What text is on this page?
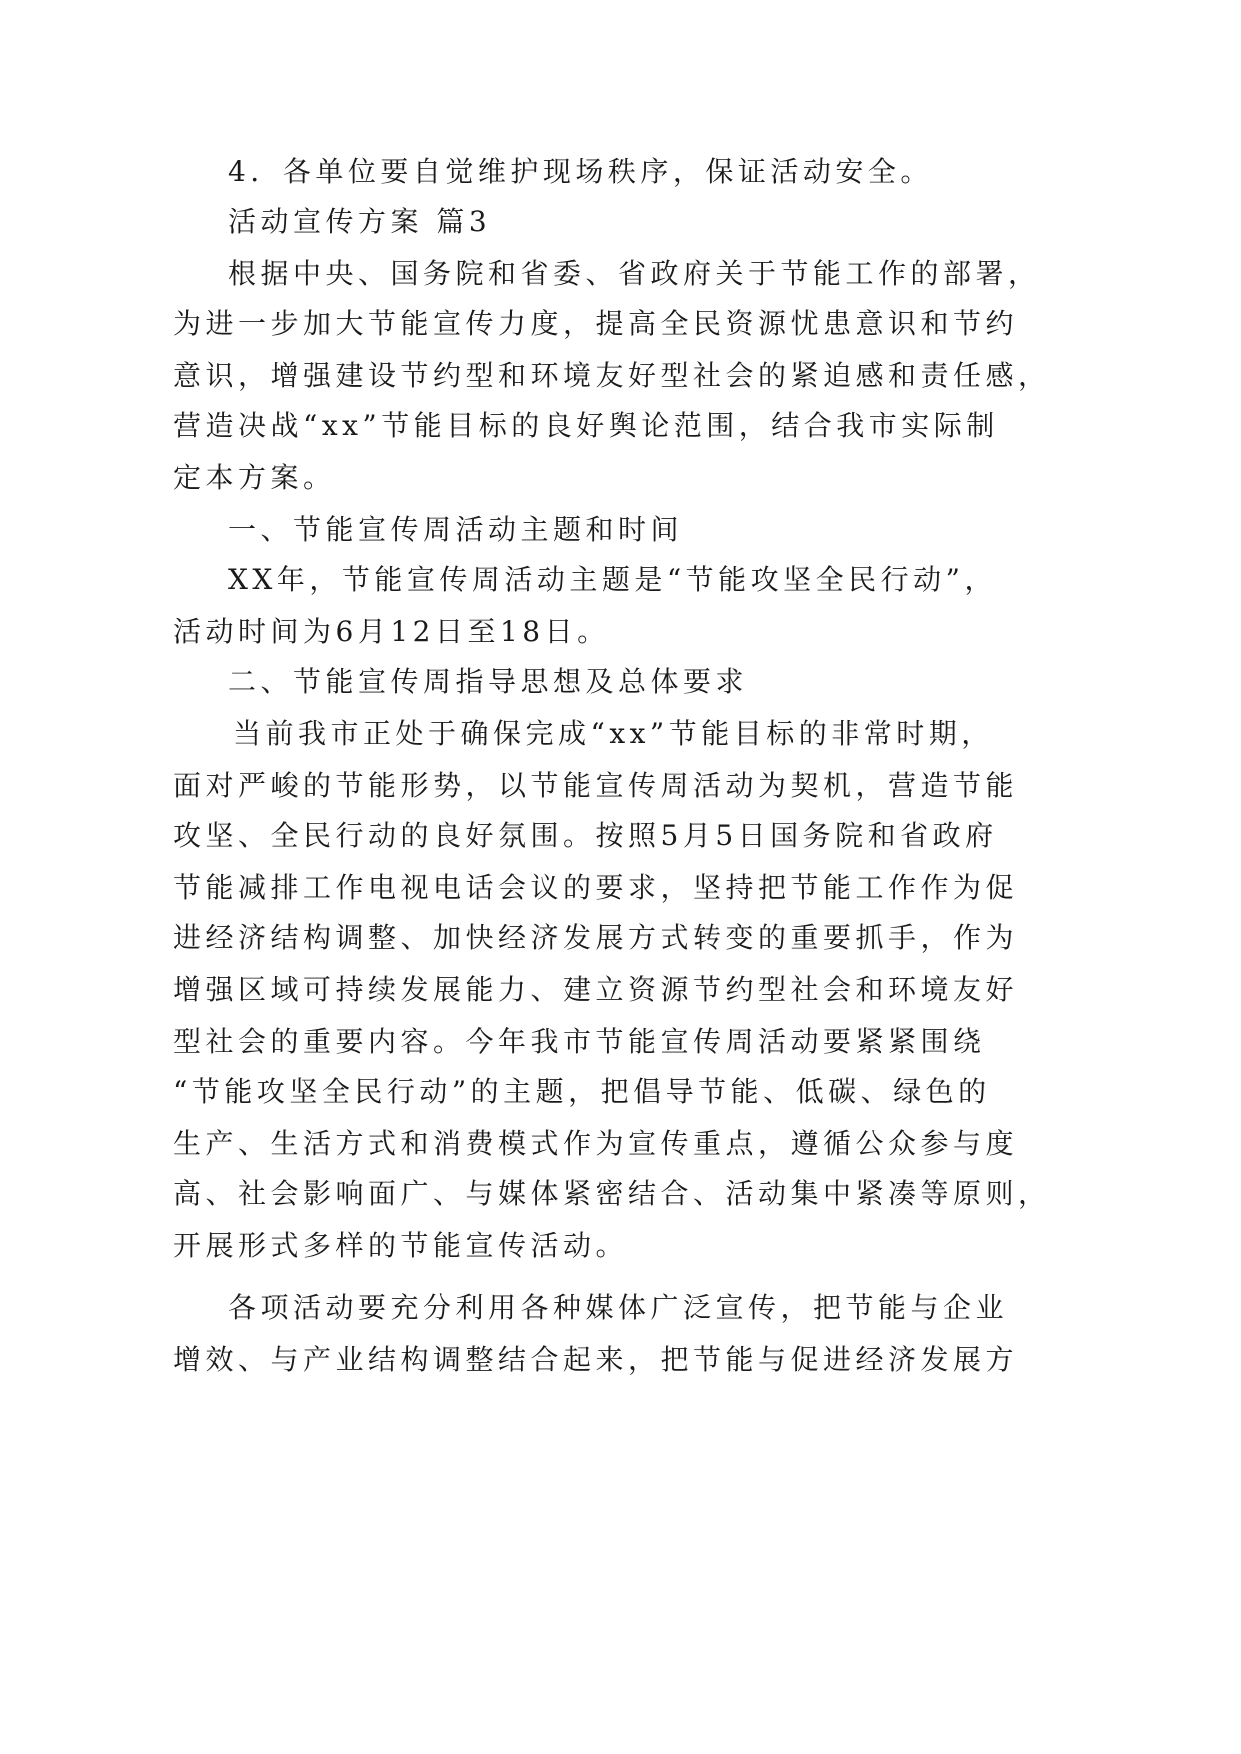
4．各单位要自觉维护现场秩序，保证活动安全。
活动宣传方案 篇3
根据中央、国务院和省委、省政府关于节能工作的部署，
为进一步加大节能宣传力度，提高全民资源忧患意识和节约
意识，增强建设节约型和环境友好型社会的紧迫感和责任感，
营造决战“xx”节能目标的良好舆论范围，结合我市实际制
定本方案。
一、节能宣传周活动主题和时间
XX年，节能宣传周活动主题是“节能攻坚全民行动”，
活动时间为6月12日至18日。
二、节能宣传周指导思想及总体要求
当前我市正处于确保完成“xx”节能目标的非常时期，
面对严峻的节能形势，以节能宣传周活动为契机，营造节能
攻坚、全民行动的良好氛围。按照5月5日国务院和省政府
节能减排工作电视电话会议的要求，坚持把节能工作作为促
进经济结构调整、加快经济发展方式转变的重要抓手，作为
增强区域可持续发展能力、建立资源节约型社会和环境友好
型社会的重要内容。今年我市节能宣传周活动要紧紧围绕
“节能攻坚全民行动”的主题，把倡导节能、低碳、绿色的
生产、生活方式和消费模式作为宣传重点，遵循公众参与度
高、社会影响面广、与媒体紧密结合、活动集中紧凑等原则，
开展形式多样的节能宣传活动。
各项活动要充分利用各种媒体广泛宣传，把节能与企业
增效、与产业结构调整结合起来，把节能与促进经济发展方
